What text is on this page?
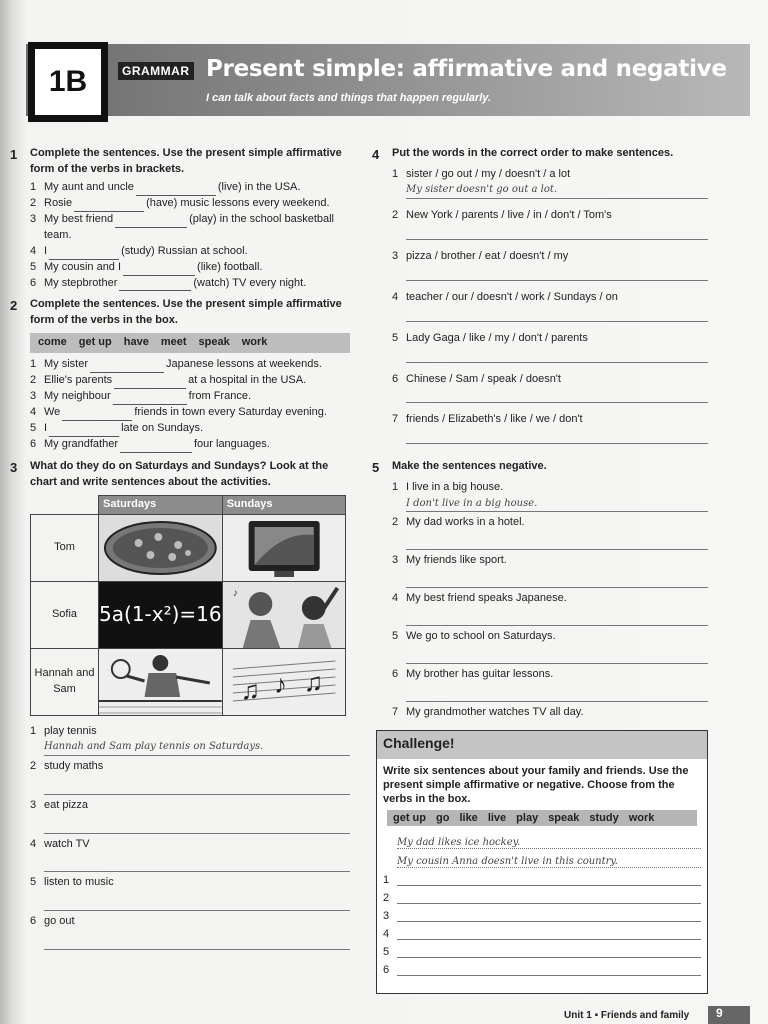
1B	GRAMMAR Present simple: affirmative and negative
I can talk about facts and things that happen regularly.
1	Complete the sentences. Use the present simple affirmative form of the verbs in brackets.
1 My aunt and uncle	(live) in the USA.
2 Rosie	(have) music lessons every weekend.
3 My best friend	(play) in the school basketball team.
4 I	(study) Russian at school.
5 My cousin and I	(like) football.
6 My stepbrother	(watch) TV every night.
2	Complete the sentences. Use the present simple affirmative form of the verbs in the box.
come get up have meet speak work
1 My sister	Japanese lessons at weekends.
2 Ellie's parents	at a hospital in the USA.
3 My neighbour	from France.
4 We	friends in town every Saturday evening.
5 I	late on Sundays.
6 My grandfather	four languages.
3	What do they do on Saturdays and Sundays? Look at the chart and write sentences about the activities.
	Saturdays	Sundays
Tom	

Sofia	5a(1-x²)=16	♪

Hannah and Sam		♫ ♪ ♫
1 play tennis
Hannah and Sam play tennis on Saturdays.
2 study maths
3 eat pizza
4 watch TV
5 listen to music
6 go out
4	Put the words in the correct order to make sentences.
1 sister / go out / my / doesn't / a lot
My sister doesn't go out a lot.
2 New York / parents / live / in / don't / Tom's
3 pizza / brother / eat / doesn't / my
4 teacher / our / doesn't / work / Sundays / on
5 Lady Gaga / like / my / don't / parents
6 Chinese / Sam / speak / doesn't
7 friends / Elizabeth's / like / we / don't
5	Make the sentences negative.
1 I live in a big house.
I don't live in a big house.
2 My dad works in a hotel.
3 My friends like sport.
4 My best friend speaks Japanese.
5 We go to school on Saturdays.
6 My brother has guitar lessons.
7 My grandmother watches TV all day.
Challenge!
Write six sentences about your family and friends. Use the present simple affirmative or negative. Choose from the verbs in the box.
get up go like live play speak study work
My dad likes ice hockey.
My cousin Anna doesn't live in this country.
1
2
3
4
5
6
Unit 1 ▪ Friends and family	9
